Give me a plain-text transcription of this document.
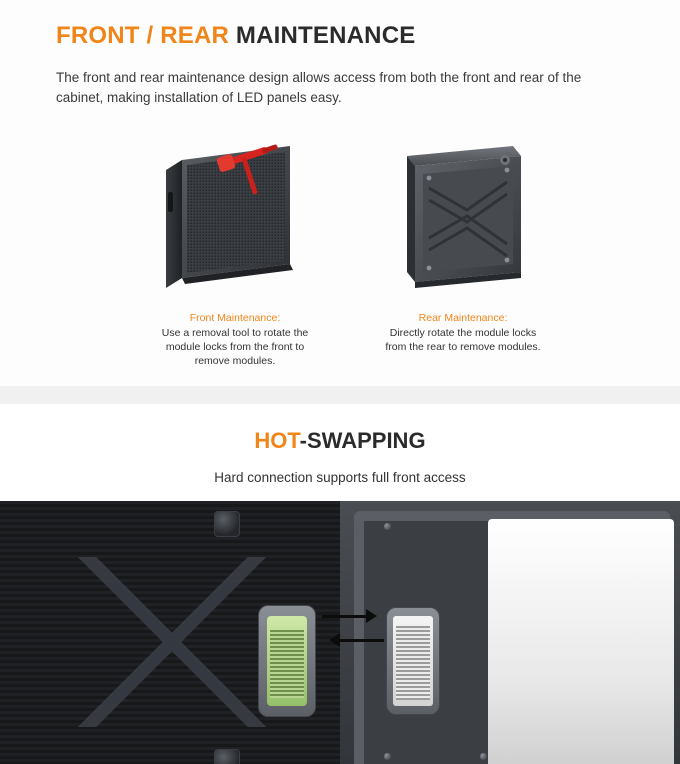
FRONT / REAR MAINTENANCE

The front and rear maintenance design allows access from both the front and rear of the cabinet, making installation of LED panels easy.

Front Maintenance:
Use a removal tool to rotate the module locks from the front to remove modules.
Rear Maintenance:
Directly rotate the module locks from the rear to remove modules.
HOT-SWAPPING

Hard connection supports full front access
